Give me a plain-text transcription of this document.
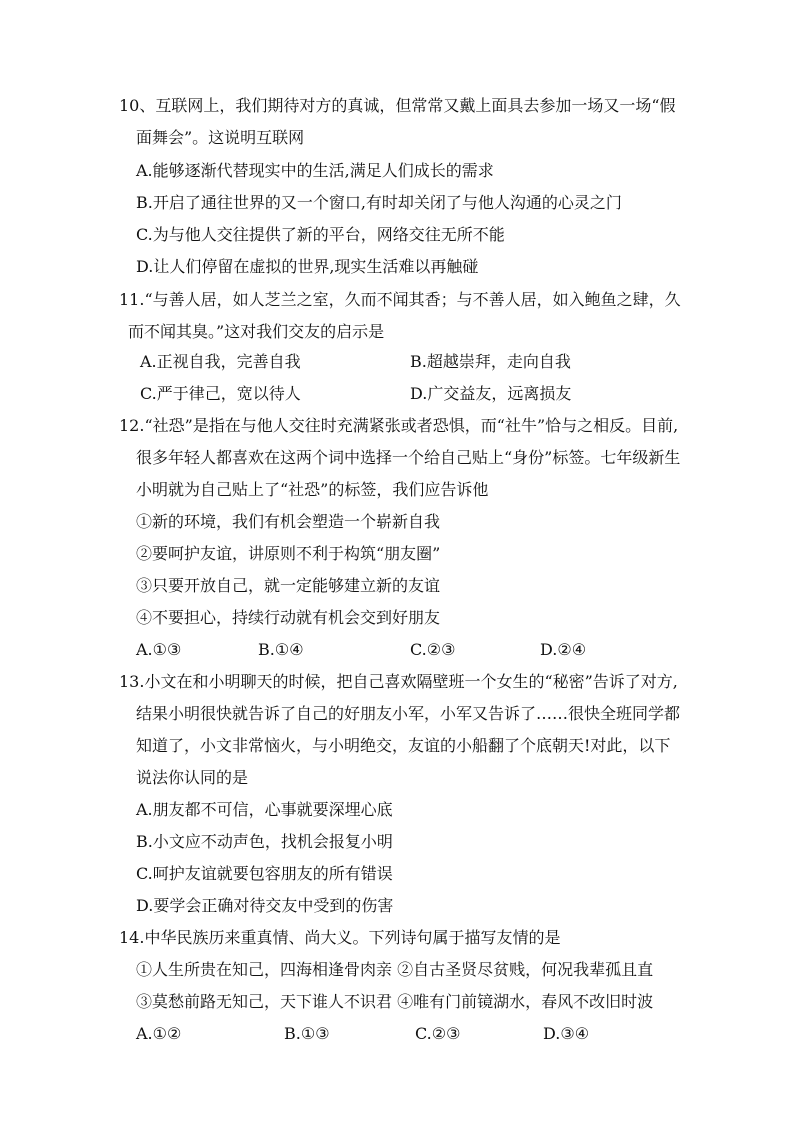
10、互联网上，我们期待对方的真诚，但常常又戴上面具去参加一场又一场“假
面舞会”。这说明互联网
A.能够逐渐代替现实中的生活,满足人们成长的需求
B.开启了通往世界的又一个窗口,有时却关闭了与他人沟通的心灵之门
C.为与他人交往提供了新的平台，网络交往无所不能
D.让人们停留在虚拟的世界,现实生活难以再触碰
11.“与善人居，如人芝兰之室，久而不闻其香；与不善人居，如入鲍鱼之肆，久
而不闻其臭。”这对我们交友的启示是
A.正视自我，完善自我	B.超越崇拜，走向自我
C.严于律己，宽以待人	D.广交益友，远离损友
12.“社恐”是指在与他人交往时充满紧张或者恐惧，而“社牛”恰与之相反。目前,
很多年轻人都喜欢在这两个词中选择一个给自己贴上“身份”标签。七年级新生
小明就为自己贴上了“社恐”的标签，我们应告诉他
①新的环境，我们有机会塑造一个崭新自我
②要呵护友谊，讲原则不利于构筑“朋友圈”
③只要开放自己，就一定能够建立新的友谊
④不要担心，持续行动就有机会交到好朋友
A.①③	B.①④	C.②③	D.②④
13.小文在和小明聊天的时候，把自己喜欢隔壁班一个女生的“秘密”告诉了对方,
结果小明很快就告诉了自己的好朋友小军，小军又告诉了……很快全班同学都
知道了，小文非常恼火，与小明绝交，友谊的小船翻了个底朝天!对此，以下
说法你认同的是
A.朋友都不可信，心事就要深埋心底
B.小文应不动声色，找机会报复小明
C.呵护友谊就要包容朋友的所有错误
D.要学会正确对待交友中受到的伤害
14.中华民族历来重真情、尚大义。下列诗句属于描写友情的是
①人生所贵在知己，四海相逢骨肉亲 ②自古圣贤尽贫贱，何况我辈孤且直
③莫愁前路无知己，天下谁人不识君 ④唯有门前镜湖水，春风不改旧时波
A.①②	B.①③	C.②③	D.③④
